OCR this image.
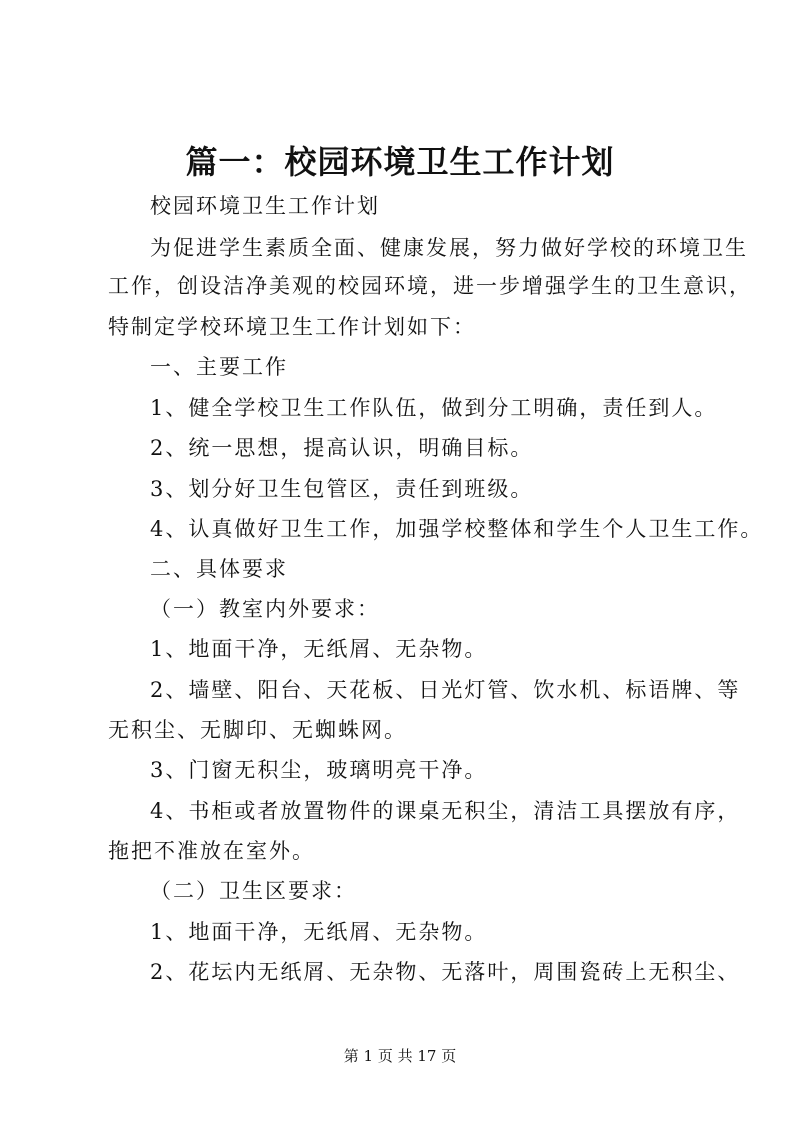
篇一：校园环境卫生工作计划
校园环境卫生工作计划
为促进学生素质全面、健康发展，努力做好学校的环境卫生
工作，创设洁净美观的校园环境，进一步增强学生的卫生意识，
特制定学校环境卫生工作计划如下：
一、主要工作
1、健全学校卫生工作队伍，做到分工明确，责任到人。
2、统一思想，提高认识，明确目标。
3、划分好卫生包管区，责任到班级。
4、认真做好卫生工作，加强学校整体和学生个人卫生工作。
二、具体要求
（一）教室内外要求：
1、地面干净，无纸屑、无杂物。
2、墙壁、阳台、天花板、日光灯管、饮水机、标语牌、等
无积尘、无脚印、无蜘蛛网。
3、门窗无积尘，玻璃明亮干净。
4、书柜或者放置物件的课桌无积尘，清洁工具摆放有序，
拖把不准放在室外。
（二）卫生区要求：
1、地面干净，无纸屑、无杂物。
2、花坛内无纸屑、无杂物、无落叶，周围瓷砖上无积尘、
第 1 页 共 17 页
